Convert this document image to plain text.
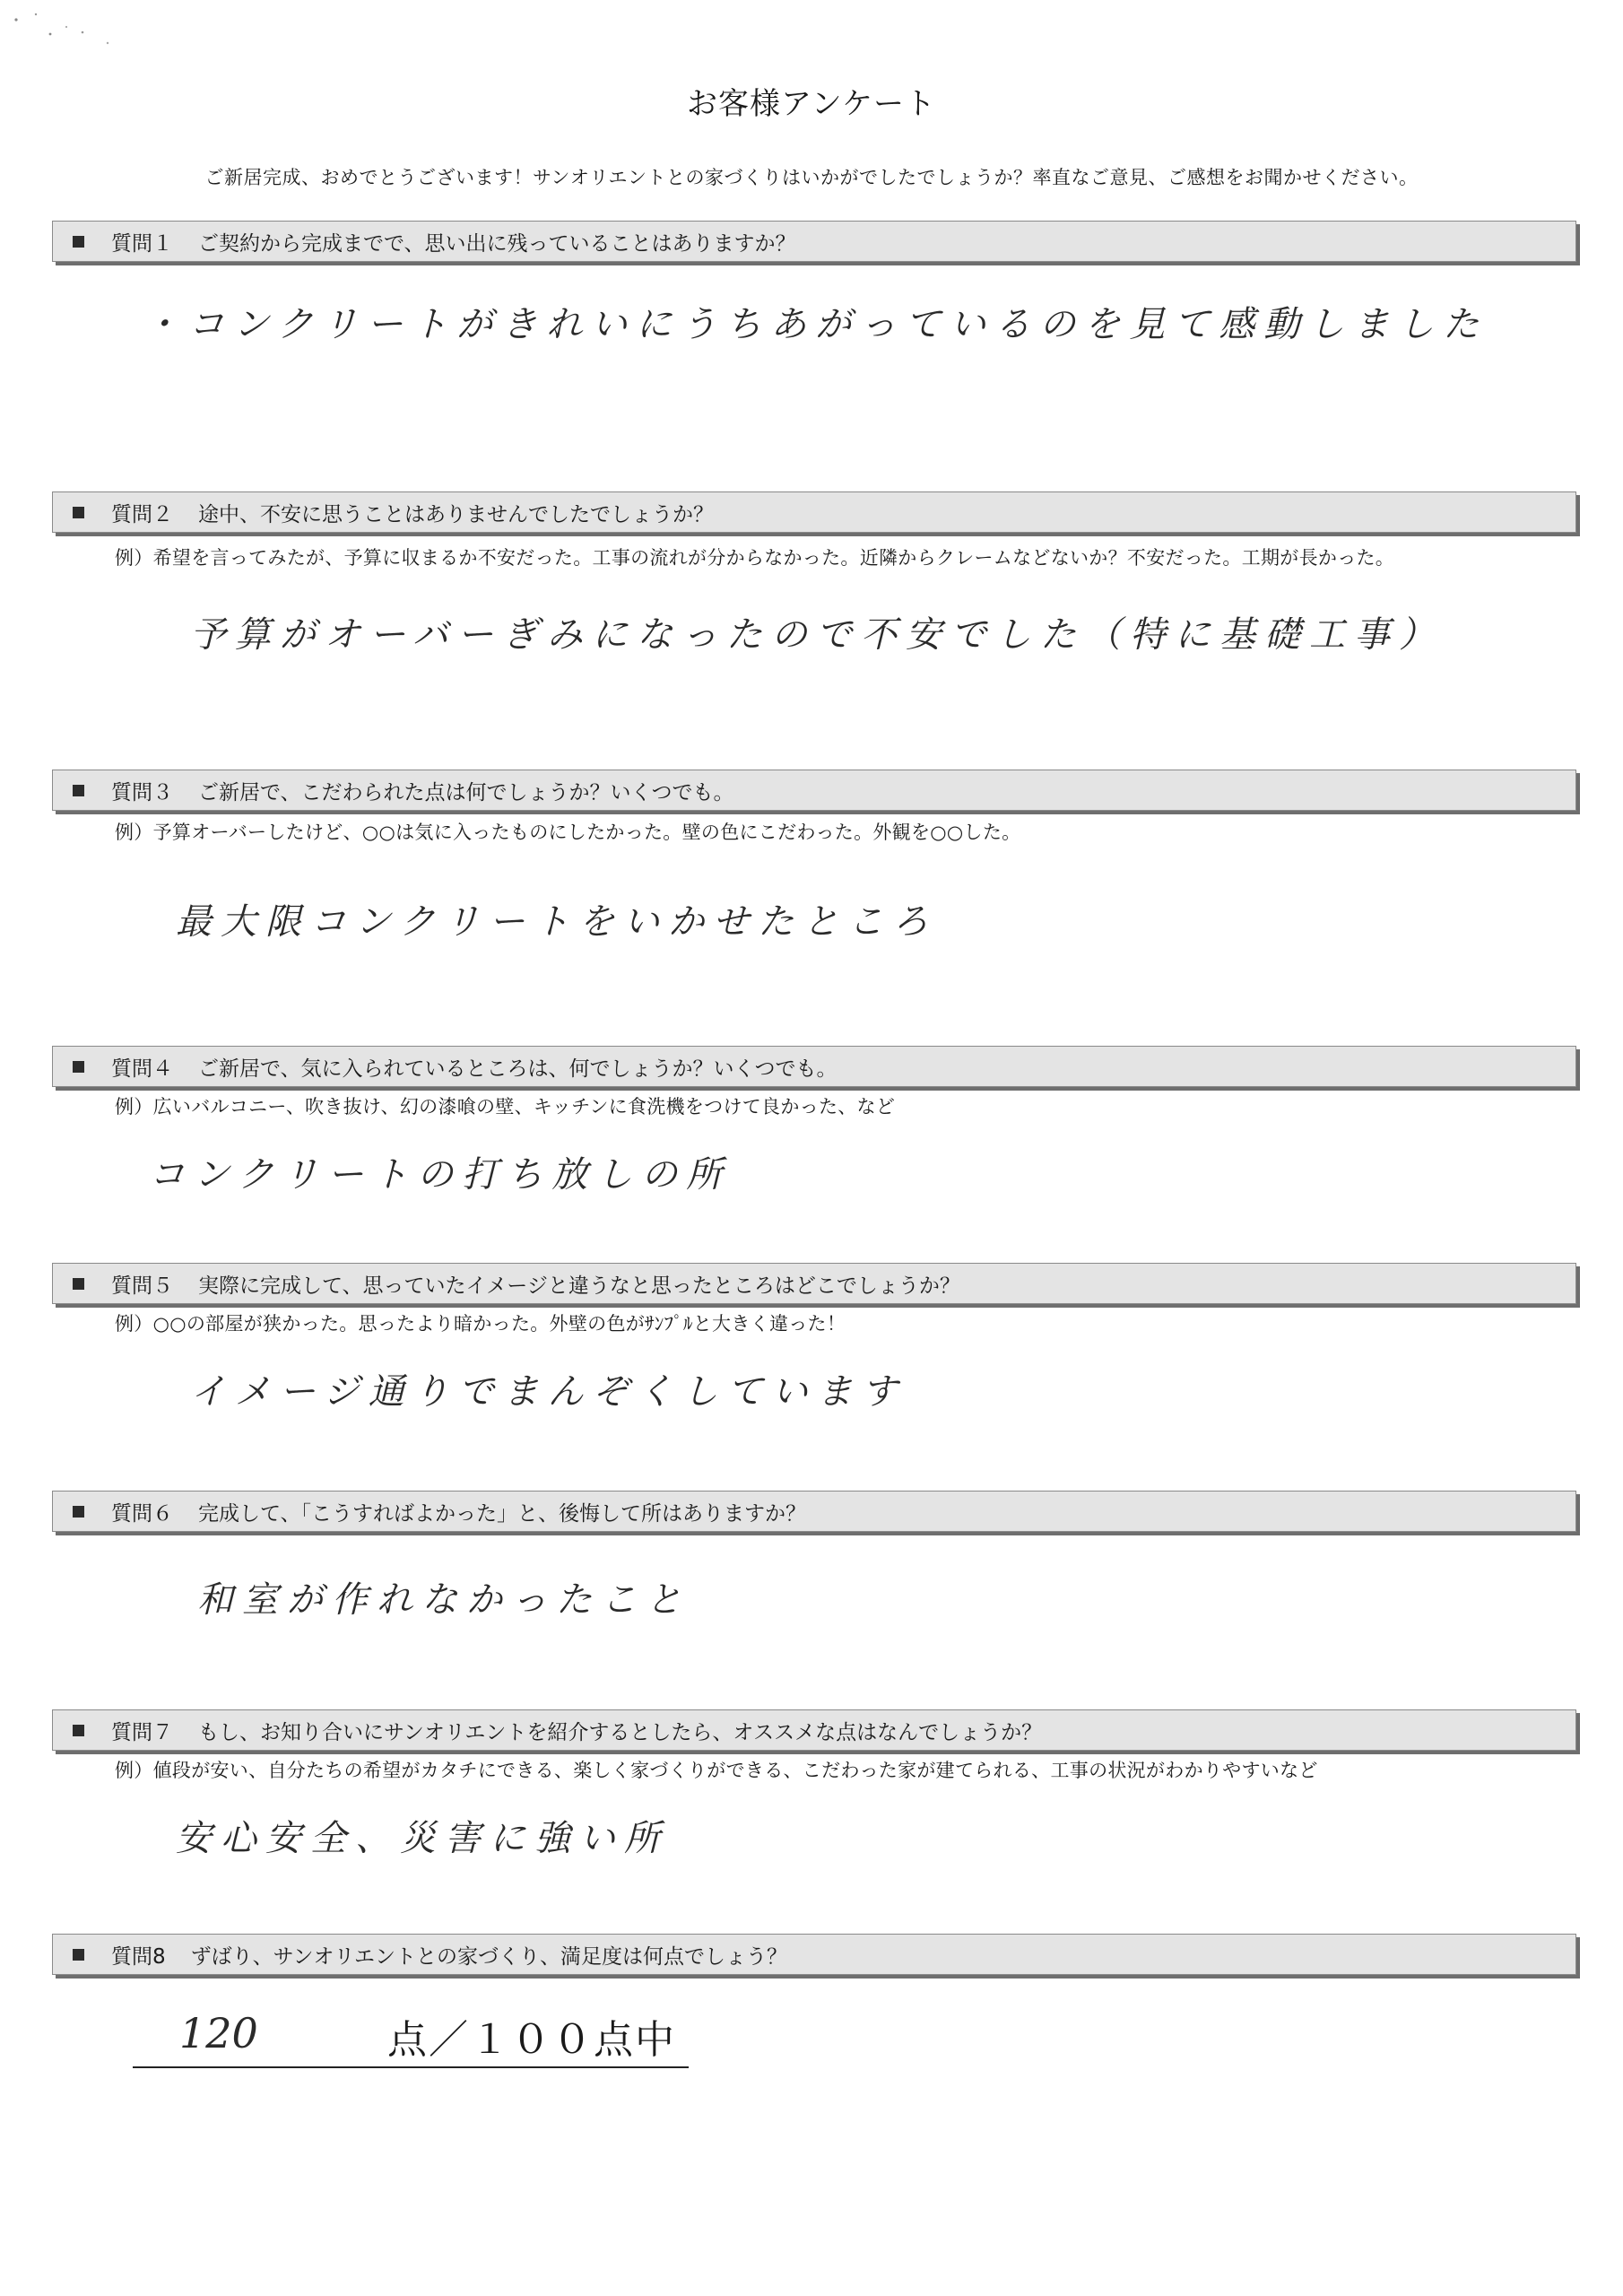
お客様アンケート
ご新居完成、おめでとうございます！サンオリエントとの家づくりはいかがでしたでしょうか？率直なご意見、ご感想をお聞かせください。
質問１ ご契約から完成までで、思い出に残っていることはありますか？
・コンクリートがきれいにうちあがっているのを見て感動しました
質問２ 途中、不安に思うことはありませんでしたでしょうか？
例）希望を言ってみたが、予算に収まるか不安だった。工事の流れが分からなかった。近隣からクレームなどないか？不安だった。工期が長かった。
予算がオーバーぎみになったので不安でした（特に基礎工事）
質問３ ご新居で、こだわられた点は何でしょうか？いくつでも。
例）予算オーバーしたけど、○○は気に入ったものにしたかった。壁の色にこだわった。外観を○○した。
最大限コンクリートをいかせたところ
質問４ ご新居で、気に入られているところは、何でしょうか？いくつでも。
例）広いバルコニー、吹き抜け、幻の漆喰の壁、キッチンに食洗機をつけて良かった、など
コンクリートの打ち放しの所
質問５ 実際に完成して、思っていたイメージと違うなと思ったところはどこでしょうか？
例）○○の部屋が狭かった。思ったより暗かった。外壁の色がｻﾝﾌﾟﾙと大きく違った！
イメージ通りでまんぞくしています
質問６ 完成して、「こうすればよかった」と、後悔して所はありますか？
和室が作れなかったこと
質問７ もし、お知り合いにサンオリエントを紹介するとしたら、オススメな点はなんでしょうか？
例）値段が安い、自分たちの希望がカタチにできる、楽しく家づくりができる、こだわった家が建てられる、工事の状況がわかりやすいなど
安心安全、災害に強い所
質問8 ずばり、サンオリエントとの家づくり、満足度は何点でしょう？
120	点／１００点中
